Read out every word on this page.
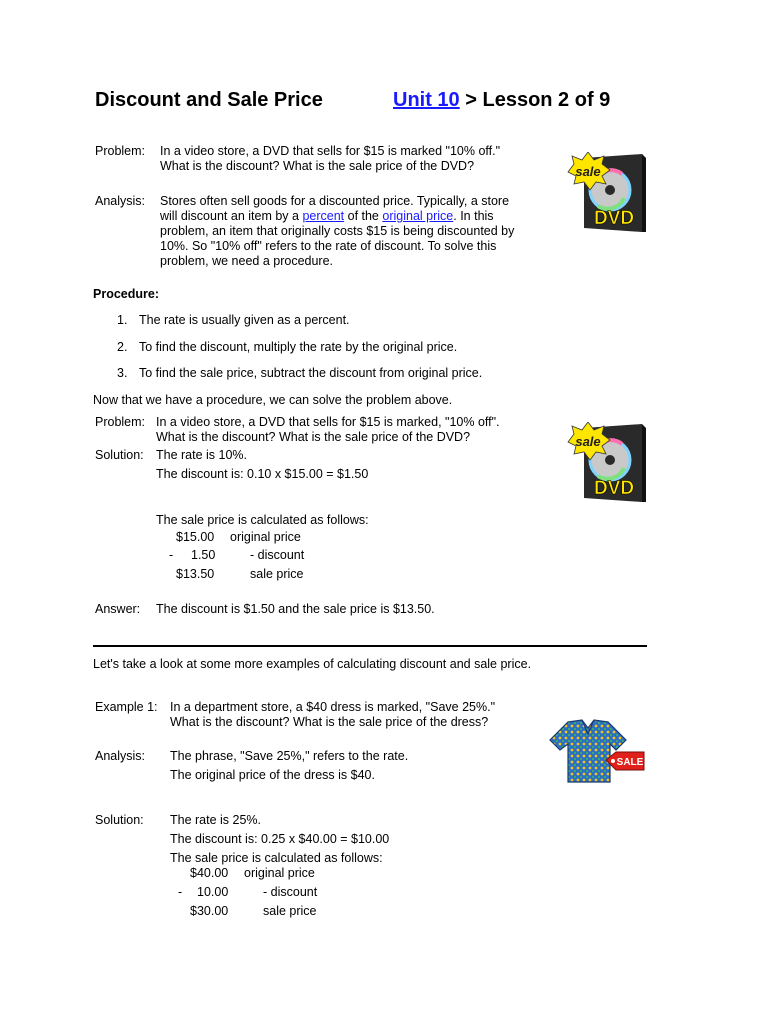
Discount and Sale Price	Unit 10 > Lesson 2 of 9
Problem: In a video store, a DVD that sells for $15 is marked "10% off."
What is the discount? What is the sale price of the DVD?
Analysis: Stores often sell goods for a discounted price. Typically, a store
will discount an item by a percent of the original price. In this
problem, an item that originally costs $15 is being discounted by
10%. So "10% off" refers to the rate of discount. To solve this
problem, we need a procedure.
sale
DVD
Procedure:
1. The rate is usually given as a percent.
2. To find the discount, multiply the rate by the original price.
3. To find the sale price, subtract the discount from original price.
Now that we have a procedure, we can solve the problem above.
Problem: In a video store, a DVD that sells for $15 is marked, "10% off".
What is the discount? What is the sale price of the DVD?
Solution: The rate is 10%.
The discount is: 0.10 x $15.00 = $1.50
The sale price is calculated as follows:
$15.00 original price
- 1.50	- discount
$13.50	sale price
Answer: The discount is $1.50 and the sale price is $13.50.
sale
DVD
Let's take a look at some more examples of calculating discount and sale price.
Example 1: In a department store, a $40 dress is marked, "Save 25%."
What is the discount? What is the sale price of the dress?
Analysis: The phrase, "Save 25%," refers to the rate.
The original price of the dress is $40.
Solution: The rate is 25%.
The discount is: 0.25 x $40.00 = $10.00
The sale price is calculated as follows:
$40.00 original price
- 10.00	- discount
$30.00	sale price
SALE
